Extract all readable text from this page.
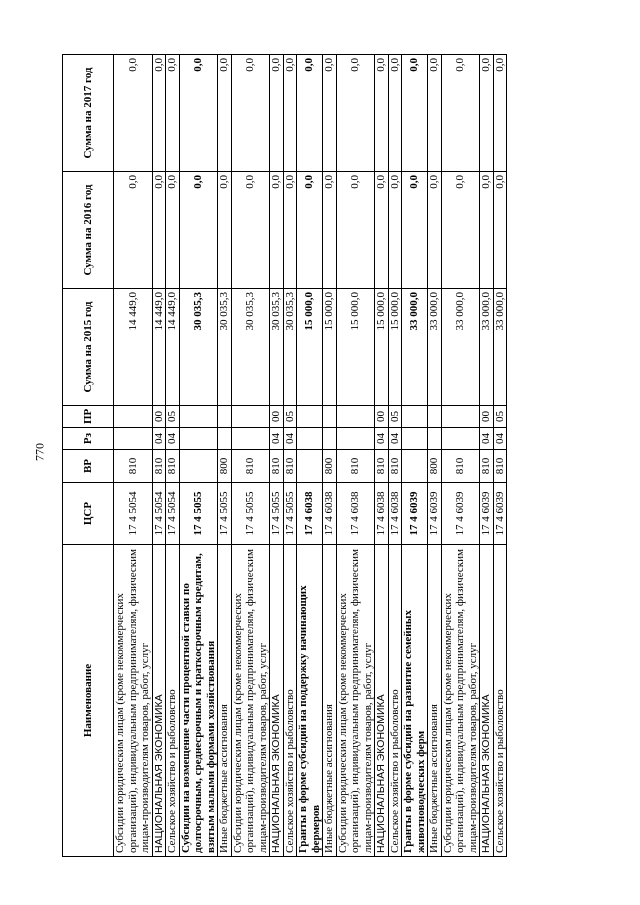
770
Наименование	ЦСР	ВР	Рз	ПР	Сумма на 2015 год	Сумма на 2016 год	Сумма на 2017 год
Субсидии юридическим лицам (кроме некоммерческих организаций), индивидуальным предпринимателям, физическим лицам-производителям товаров, работ, услуг	17 4 5054	810			14 449,0	0,0	0,0
НАЦИОНАЛЬНАЯ ЭКОНОМИКА	17 4 5054	810	04	00	14 449,0	0,0	0,0
Сельское хозяйство и рыболовство	17 4 5054	810	04	05	14 449,0	0,0	0,0
Субсидии на возмещение части процентной ставки по долгосрочным, среднесрочным и краткосрочным кредитам, взятым малыми формами хозяйствования	17 4 5055				30 035,3	0,0	0,0
Иные бюджетные ассигнования	17 4 5055	800			30 035,3	0,0	0,0
Субсидии юридическим лицам (кроме некоммерческих организаций), индивидуальным предпринимателям, физическим лицам-производителям товаров, работ, услуг	17 4 5055	810			30 035,3	0,0	0,0
НАЦИОНАЛЬНАЯ ЭКОНОМИКА	17 4 5055	810	04	00	30 035,3	0,0	0,0
Сельское хозяйство и рыболовство	17 4 5055	810	04	05	30 035,3	0,0	0,0
Гранты в форме субсидий на поддержку начинающих фермеров	17 4 6038				15 000,0	0,0	0,0
Иные бюджетные ассигнования	17 4 6038	800			15 000,0	0,0	0,0
Субсидии юридическим лицам (кроме некоммерческих организаций), индивидуальным предпринимателям, физическим лицам-производителям товаров, работ, услуг	17 4 6038	810			15 000,0	0,0	0,0
НАЦИОНАЛЬНАЯ ЭКОНОМИКА	17 4 6038	810	04	00	15 000,0	0,0	0,0
Сельское хозяйство и рыболовство	17 4 6038	810	04	05	15 000,0	0,0	0,0
Гранты в форме субсидий на развитие семейных животноводческих ферм	17 4 6039				33 000,0	0,0	0,0
Иные бюджетные ассигнования	17 4 6039	800			33 000,0	0,0	0,0
Субсидии юридическим лицам (кроме некоммерческих организаций), индивидуальным предпринимателям, физическим лицам-производителям товаров, работ, услуг	17 4 6039	810			33 000,0	0,0	0,0
НАЦИОНАЛЬНАЯ ЭКОНОМИКА	17 4 6039	810	04	00	33 000,0	0,0	0,0
Сельское хозяйство и рыболовство	17 4 6039	810	04	05	33 000,0	0,0	0,0
